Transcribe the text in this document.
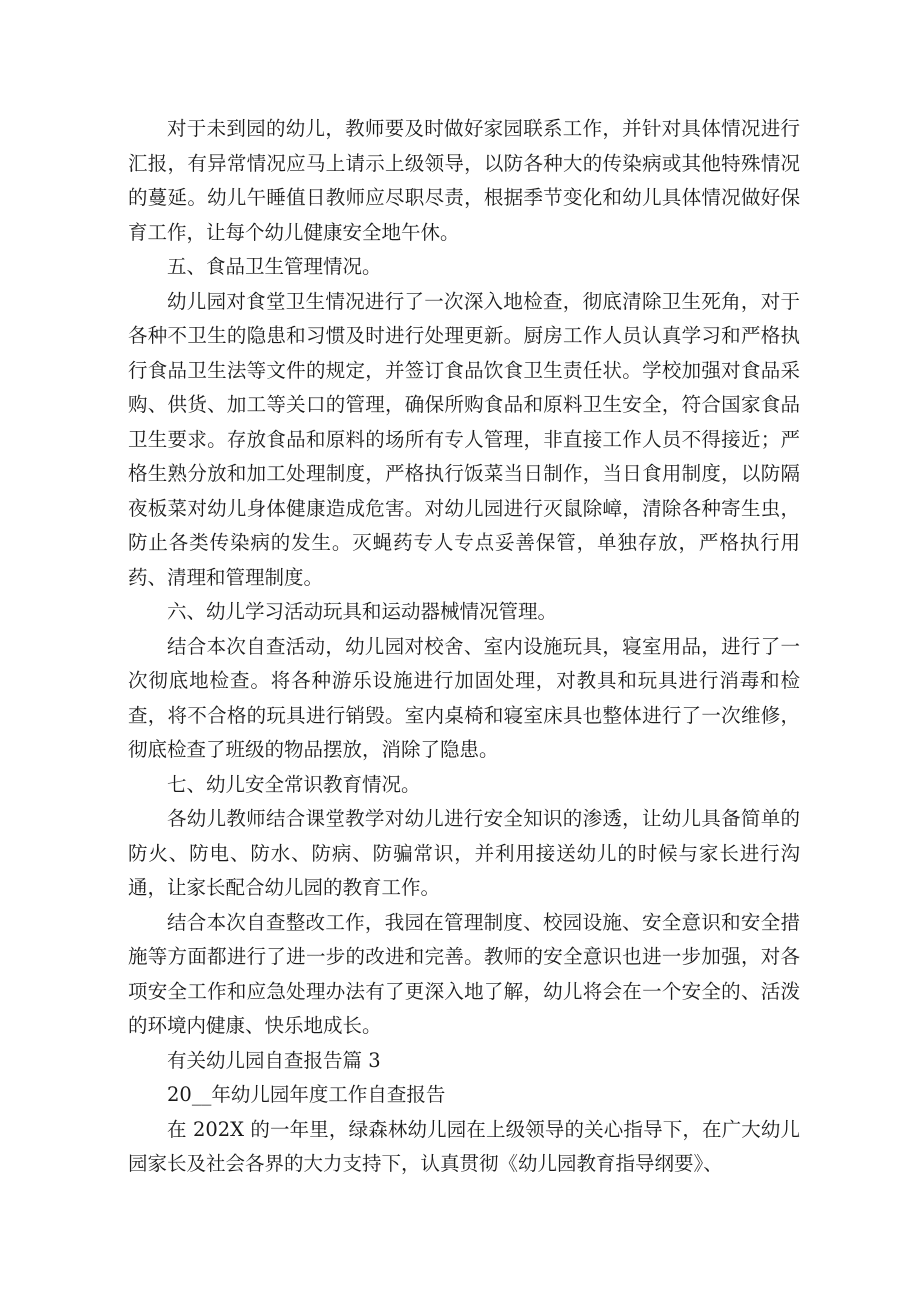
对于未到园的幼儿，教师要及时做好家园联系工作，并针对具体情况进行汇报，有异常情况应马上请示上级领导，以防各种大的传染病或其他特殊情况的蔓延。幼儿午睡值日教师应尽职尽责，根据季节变化和幼儿具体情况做好保育工作，让每个幼儿健康安全地午休。

五、食品卫生管理情况。

幼儿园对食堂卫生情况进行了一次深入地检查，彻底清除卫生死角，对于各种不卫生的隐患和习惯及时进行处理更新。厨房工作人员认真学习和严格执行食品卫生法等文件的规定，并签订食品饮食卫生责任状。学校加强对食品采购、供货、加工等关口的管理，确保所购食品和原料卫生安全，符合国家食品卫生要求。存放食品和原料的场所有专人管理，非直接工作人员不得接近；严格生熟分放和加工处理制度，严格执行饭菜当日制作，当日食用制度，以防隔夜板菜对幼儿身体健康造成危害。对幼儿园进行灭鼠除嶂，清除各种寄生虫，防止各类传染病的发生。灭蝇药专人专点妥善保管，单独存放，严格执行用药、清理和管理制度。

六、幼儿学习活动玩具和运动器械情况管理。

结合本次自查活动，幼儿园对校舍、室内设施玩具，寝室用品，进行了一次彻底地检查。将各种游乐设施进行加固处理，对教具和玩具进行消毒和检查，将不合格的玩具进行销毁。室内桌椅和寝室床具也整体进行了一次维修，彻底检查了班级的物品摆放，消除了隐患。

七、幼儿安全常识教育情况。

各幼儿教师结合课堂教学对幼儿进行安全知识的渗透，让幼儿具备简单的防火、防电、防水、防病、防骗常识，并利用接送幼儿的时候与家长进行沟通，让家长配合幼儿园的教育工作。

结合本次自查整改工作，我园在管理制度、校园设施、安全意识和安全措施等方面都进行了进一步的改进和完善。教师的安全意识也进一步加强，对各项安全工作和应急处理办法有了更深入地了解，幼儿将会在一个安全的、活泼的环境内健康、快乐地成长。

有关幼儿园自查报告篇 3

20__年幼儿园年度工作自查报告

在 202X 的一年里，绿森林幼儿园在上级领导的关心指导下，在广大幼儿园家长及社会各界的大力支持下，认真贯彻《幼儿园教育指导纲要》、
